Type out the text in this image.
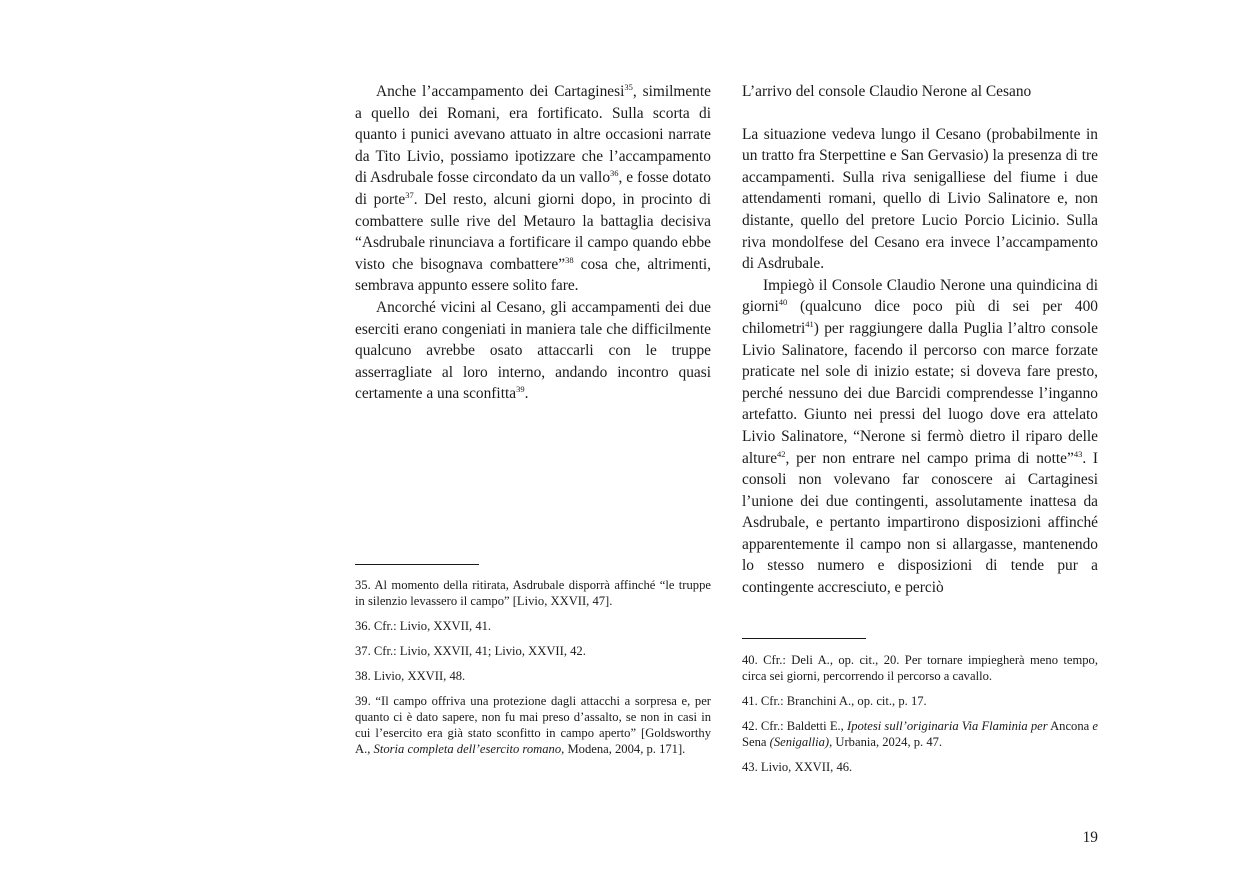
Anche l’accampamento dei Cartaginesi$^{35}$, similmente a quello dei Romani, era fortificato. Sulla scorta di quanto i punici avevano attuato in altre occasioni narrate da Tito Livio, possiamo ipotizzare che l’accampamento di Asdrubale fosse circondato da un vallo$^{36}$, e fosse dotato di porte$^{37}$. Del resto, alcuni giorni dopo, in procinto di combattere sulle rive del Metauro la battaglia decisiva “Asdrubale rinunciava a fortificare il campo quando ebbe visto che bisognava combattere”$^{38}$ cosa che, altrimenti, sembrava appunto essere solito fare.

Ancorché vicini al Cesano, gli accampamenti dei due eserciti erano congeniati in maniera tale che difficilmente qualcuno avrebbe osato attaccarli con le truppe asserragliate al loro interno, andando incontro quasi certamente a una sconfitta$^{39}$.

35. Al momento della ritirata, Asdrubale disporrà affinché “le truppe in silenzio levassero il campo” [Livio, XXVII, 47].
36. Cfr.: Livio, XXVII, 41.
37. Cfr.: Livio, XXVII, 41; Livio, XXVII, 42.
38. Livio, XXVII, 48.
39. “Il campo offriva una protezione dagli attacchi a sorpresa e, per quanto ci è dato sapere, non fu mai preso d’assalto, se non in casi in cui l’esercito era già stato sconfitto in campo aperto” [Goldsworthy A., Storia completa dell’esercito romano, Modena, 2004, p. 171].
L’arrivo del console Claudio Nerone al Cesano

La situazione vedeva lungo il Cesano (probabilmente in un tratto fra Sterpettine e San Gervasio) la presenza di tre accampamenti. Sulla riva senigalliese del fiume i due attendamenti romani, quello di Livio Salinatore e, non distante, quello del pretore Lucio Porcio Licinio. Sulla riva mondolfese del Cesano era invece l’accampamento di Asdrubale.

Impiegò il Console Claudio Nerone una quindicina di giorni$^{40}$ (qualcuno dice poco più di sei per 400 chilometri$^{41}$) per raggiungere dalla Puglia l’altro console Livio Salinatore, facendo il percorso con marce forzate praticate nel sole di inizio estate; si doveva fare presto, perché nessuno dei due Barcidi comprendesse l’inganno artefatto. Giunto nei pressi del luogo dove era attelato Livio Salinatore, “Nerone si fermò dietro il riparo delle alture$^{42}$, per non entrare nel campo prima di notte”$^{43}$. I consoli non volevano far conoscere ai Cartaginesi l’unione dei due contingenti, assolutamente inattesa da Asdrubale, e pertanto impartirono disposizioni affinché apparentemente il campo non si allargasse, mantenendo lo stesso numero e disposizioni di tende pur a contingente accresciuto, e perciò

40. Cfr.: Deli A., op. cit., 20. Per tornare impiegherà meno tempo, circa sei giorni, percorrendo il percorso a cavallo.
41. Cfr.: Branchini A., op. cit., p. 17.
42. Cfr.: Baldetti E., Ipotesi sull’originaria Via Flaminia per Ancona e Sena (Senigallia), Urbania, 2024, p. 47.
43. Livio, XXVII, 46.
19
